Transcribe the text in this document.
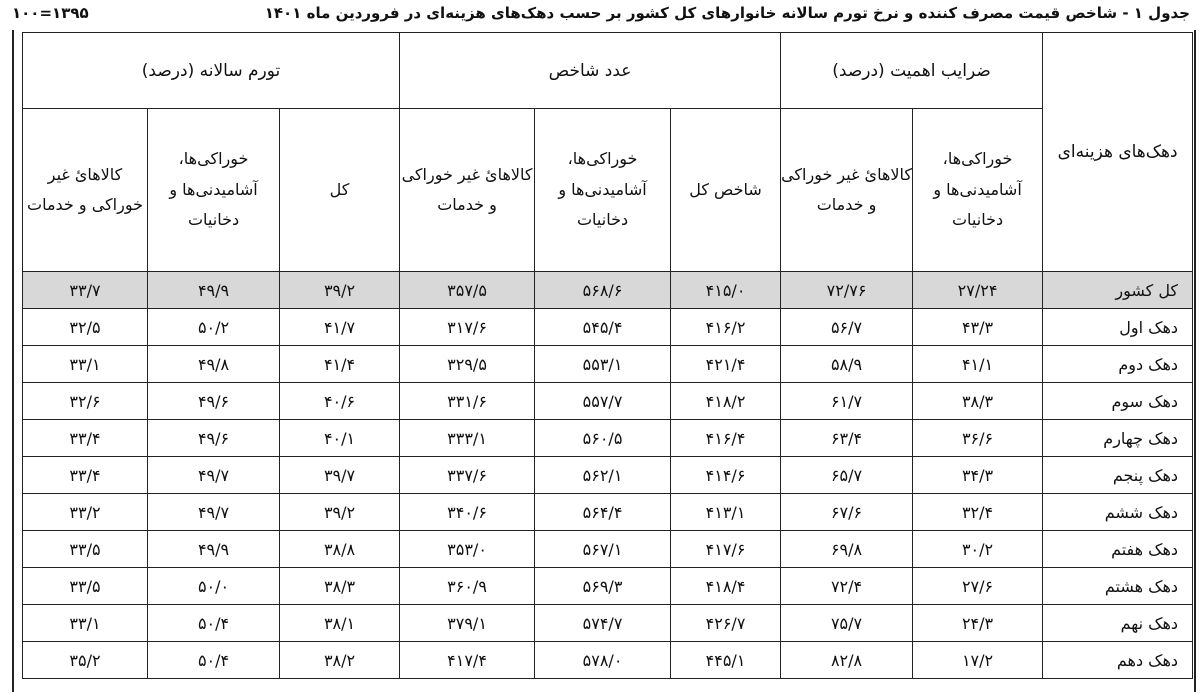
جدول ۱ - شاخص قیمت مصرف کننده و نرخ تورم سالانه خانوارهای کل کشور بر حسب دهک‌های هزینه‌ای در فروردین ماه ۱۴۰۱
۱۰۰=۱۳۹۵
دهک‌های هزینه‌ای	ضرایب اهمیت (درصد)		عدد شاخص			تورم سالانه (درصد)		
	خوراکی‌ها، آشامیدنی‌ها و دخانیات	کالاهائ غیر خوراکی و خدمات	شاخص کل	خوراکی‌ها، آشامیدنی‌ها و دخانیات	کالاهائ غیر خوراکی و خدمات	کل	خوراکی‌ها، آشامیدنی‌ها و دخانیات	کالاهائ غیر خوراکی و خدمات
کل کشور	۲۷/۲۴	۷۲/۷۶	۴۱۵/۰	۵۶۸/۶	۳۵۷/۵	۳۹/۲	۴۹/۹	۳۳/۷
دهک اول	۴۳/۳	۵۶/۷	۴۱۶/۲	۵۴۵/۴	۳۱۷/۶	۴۱/۷	۵۰/۲	۳۲/۵
دهک دوم	۴۱/۱	۵۸/۹	۴۲۱/۴	۵۵۳/۱	۳۲۹/۵	۴۱/۴	۴۹/۸	۳۳/۱
دهک سوم	۳۸/۳	۶۱/۷	۴۱۸/۲	۵۵۷/۷	۳۳۱/۶	۴۰/۶	۴۹/۶	۳۲/۶
دهک چهارم	۳۶/۶	۶۳/۴	۴۱۶/۴	۵۶۰/۵	۳۳۳/۱	۴۰/۱	۴۹/۶	۳۳/۴
دهک پنجم	۳۴/۳	۶۵/۷	۴۱۴/۶	۵۶۲/۱	۳۳۷/۶	۳۹/۷	۴۹/۷	۳۳/۴
دهک ششم	۳۲/۴	۶۷/۶	۴۱۳/۱	۵۶۴/۴	۳۴۰/۶	۳۹/۲	۴۹/۷	۳۳/۲
دهک هفتم	۳۰/۲	۶۹/۸	۴۱۷/۶	۵۶۷/۱	۳۵۳/۰	۳۸/۸	۴۹/۹	۳۳/۵
دهک هشتم	۲۷/۶	۷۲/۴	۴۱۸/۴	۵۶۹/۳	۳۶۰/۹	۳۸/۳	۵۰/۰	۳۳/۵
دهک نهم	۲۴/۳	۷۵/۷	۴۲۶/۷	۵۷۴/۷	۳۷۹/۱	۳۸/۱	۵۰/۴	۳۳/۱
دهک دهم	۱۷/۲	۸۲/۸	۴۴۵/۱	۵۷۸/۰	۴۱۷/۴	۳۸/۲	۵۰/۴	۳۵/۲
